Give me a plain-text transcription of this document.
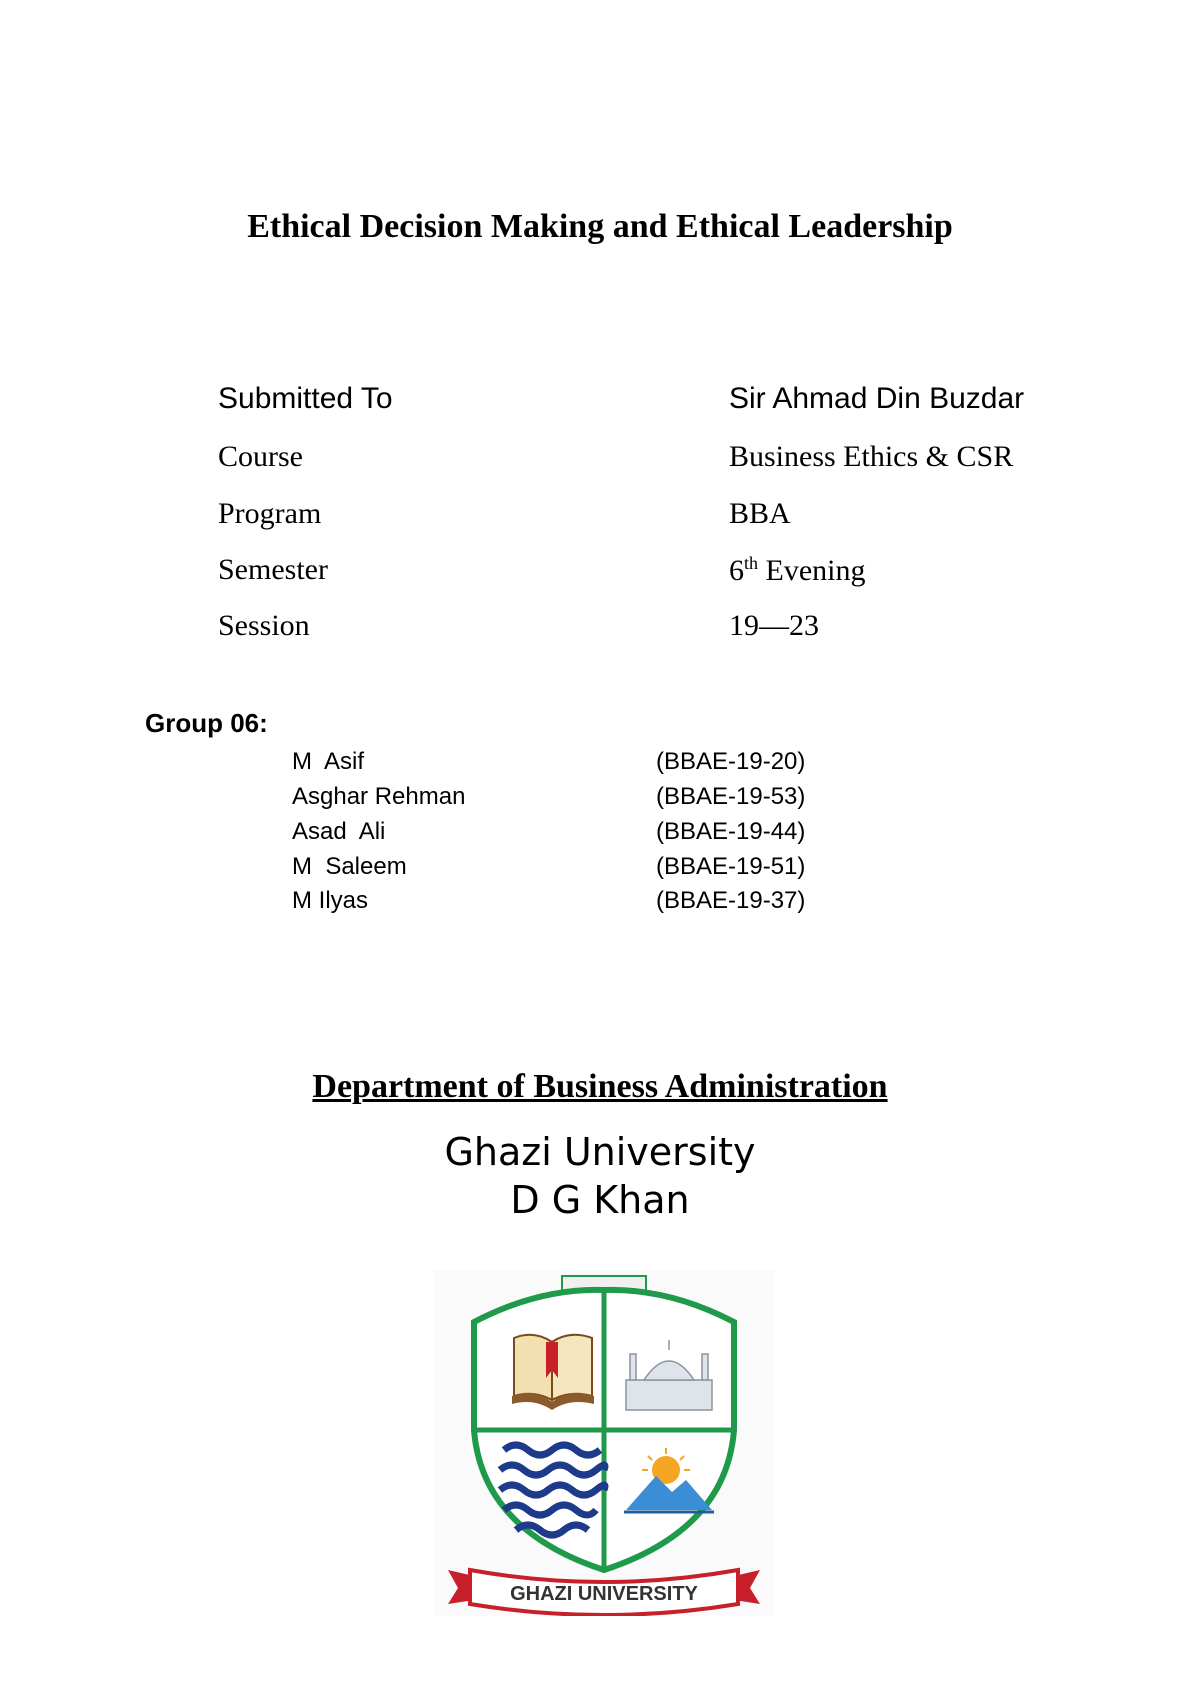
Ethical Decision Making and Ethical Leadership
Submitted To	Sir Ahmad Din Buzdar
Course	Business Ethics & CSR
Program	BBA
Semester	6th Evening
Session	19—23
Group 06:
M  Asif	(BBAE-19-20)
Asghar Rehman	(BBAE-19-53)
Asad  Ali	(BBAE-19-44)
M  Saleem	(BBAE-19-51)
M Ilyas	(BBAE-19-37)
Department of Business Administration
Ghazi University
D G Khan
GHAZI UNIVERSITY
